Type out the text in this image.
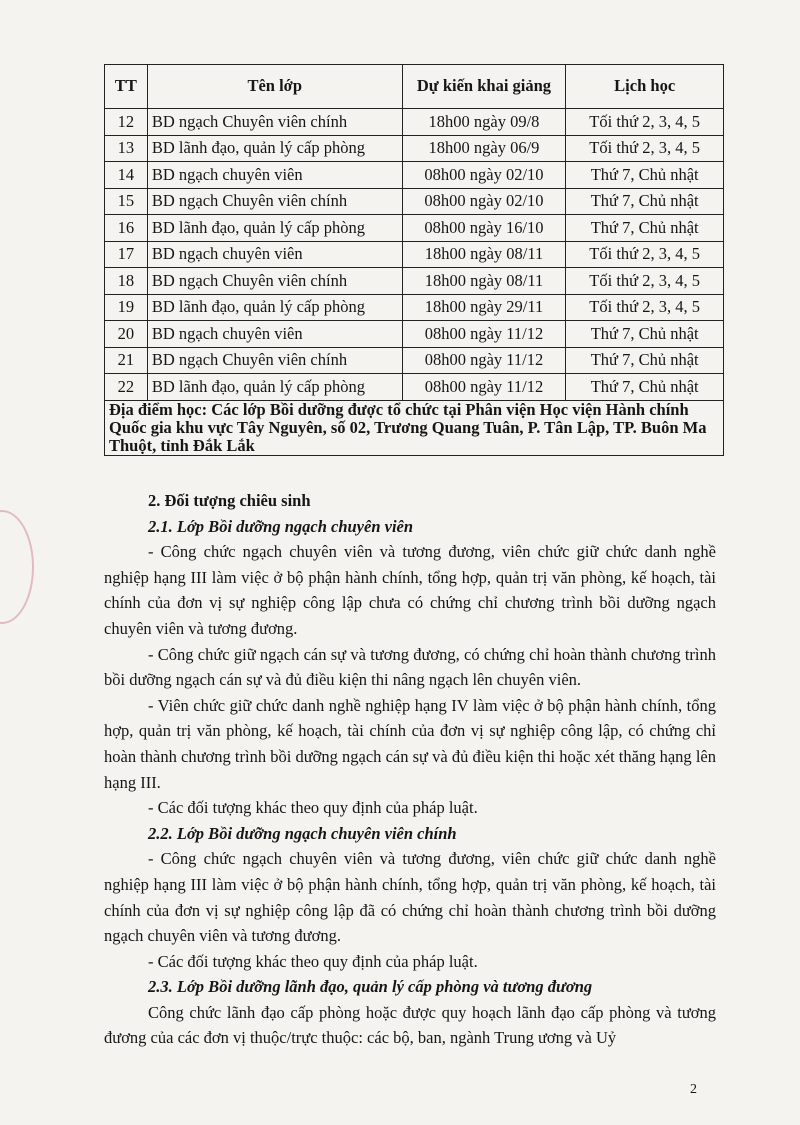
TT	Tên lớp	Dự kiến khai giảng	Lịch học
12	BD ngạch Chuyên viên chính	18h00 ngày 09/8	Tối thứ 2, 3, 4, 5
13	BD lãnh đạo, quản lý cấp phòng	18h00 ngày 06/9	Tối thứ 2, 3, 4, 5
14	BD ngạch chuyên viên	08h00 ngày 02/10	Thứ 7, Chủ nhật
15	BD ngạch Chuyên viên chính	08h00 ngày 02/10	Thứ 7, Chủ nhật
16	BD lãnh đạo, quản lý cấp phòng	08h00 ngày 16/10	Thứ 7, Chủ nhật
17	BD ngạch chuyên viên	18h00 ngày 08/11	Tối thứ 2, 3, 4, 5
18	BD ngạch Chuyên viên chính	18h00 ngày 08/11	Tối thứ 2, 3, 4, 5
19	BD lãnh đạo, quản lý cấp phòng	18h00 ngày 29/11	Tối thứ 2, 3, 4, 5
20	BD ngạch chuyên viên	08h00 ngày 11/12	Thứ 7, Chủ nhật
21	BD ngạch Chuyên viên chính	08h00 ngày 11/12	Thứ 7, Chủ nhật
22	BD lãnh đạo, quản lý cấp phòng	08h00 ngày 11/12	Thứ 7, Chủ nhật
Địa điểm học: Các lớp Bồi dưỡng được tổ chức tại Phân viện Học viện Hành chính Quốc gia khu vực Tây Nguyên, số 02, Trương Quang Tuân, P. Tân Lập, TP. Buôn Ma Thuột, tỉnh Đắk Lắk			

2. Đối tượng chiêu sinh

2.1. Lớp Bồi dưỡng ngạch chuyên viên

- Công chức ngạch chuyên viên và tương đương, viên chức giữ chức danh nghề nghiệp hạng III làm việc ở bộ phận hành chính, tổng hợp, quản trị văn phòng, kế hoạch, tài chính của đơn vị sự nghiệp công lập chưa có chứng chỉ chương trình bồi dưỡng ngạch chuyên viên và tương đương.

- Công chức giữ ngạch cán sự và tương đương, có chứng chỉ hoàn thành chương trình bồi dưỡng ngạch cán sự và đủ điều kiện thi nâng ngạch lên chuyên viên.

- Viên chức giữ chức danh nghề nghiệp hạng IV làm việc ở bộ phận hành chính, tổng hợp, quản trị văn phòng, kế hoạch, tài chính của đơn vị sự nghiệp công lập, có chứng chỉ hoàn thành chương trình bồi dưỡng ngạch cán sự và đủ điều kiện thi hoặc xét thăng hạng lên hạng III.

- Các đối tượng khác theo quy định của pháp luật.

2.2. Lớp Bồi dưỡng ngạch chuyên viên chính

- Công chức ngạch chuyên viên và tương đương, viên chức giữ chức danh nghề nghiệp hạng III làm việc ở bộ phận hành chính, tổng hợp, quản trị văn phòng, kế hoạch, tài chính của đơn vị sự nghiệp công lập đã có chứng chỉ hoàn thành chương trình bồi dưỡng ngạch chuyên viên và tương đương.

- Các đối tượng khác theo quy định của pháp luật.

2.3. Lớp Bồi dưỡng lãnh đạo, quản lý cấp phòng và tương đương

Công chức lãnh đạo cấp phòng hoặc được quy hoạch lãnh đạo cấp phòng và tương đương của các đơn vị thuộc/trực thuộc: các bộ, ban, ngành Trung ương và Uỷ

2
